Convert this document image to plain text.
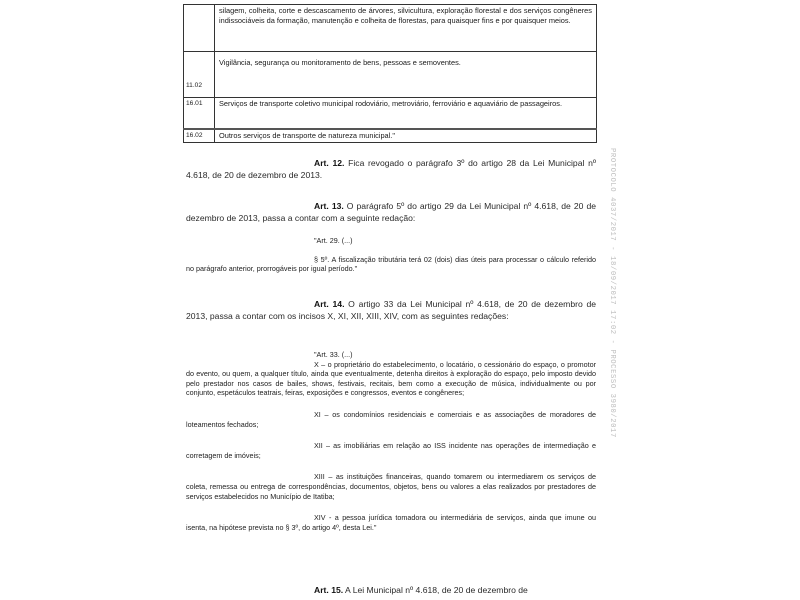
	silagem, colheita, corte e descascamento de árvores, silvicultura, exploração florestal e dos serviços congêneres indissociáveis da formação, manutenção e colheita de florestas, para quaisquer fins e por quaisquer meios.
11.02	Vigilância, segurança ou monitoramento de bens, pessoas e semoventes.
16.01	Serviços de transporte coletivo municipal rodoviário, metroviário, ferroviário e aquaviário de passageiros.
16.02	Outros serviços de transporte de natureza municipal."
Art. 12. Fica revogado o parágrafo 3º do artigo 28 da Lei Municipal nº 4.618, de 20 de dezembro de 2013.
Art. 13. O parágrafo 5º do artigo 29 da Lei Municipal nº 4.618, de 20 de dezembro de 2013, passa a contar com a seguinte redação:
"Art. 29. (...)
§ 5º. A fiscalização tributária terá 02 (dois) dias úteis para processar o cálculo referido no parágrafo anterior, prorrogáveis por igual período."
Art. 14. O artigo 33 da Lei Municipal nº 4.618, de 20 de dezembro de 2013, passa a contar com os incisos X, XI, XII, XIII, XIV, com as seguintes redações:
"Art. 33. (...)
X – o proprietário do estabelecimento, o locatário, o cessionário do espaço, o promotor do evento, ou quem, a qualquer título, ainda que eventualmente, detenha direitos à exploração do espaço, pelo imposto devido pelo prestador nos casos de bailes, shows, festivais, recitais, bem como a execução de música, individualmente ou por conjunto, espetáculos teatrais, feiras, exposições e congressos, eventos e congêneres;
XI – os condomínios residenciais e comerciais e as associações de moradores de loteamentos fechados;
XII – as imobiliárias em relação ao ISS incidente nas operações de intermediação e corretagem de imóveis;
XIII – as instituições financeiras, quando tomarem ou intermediarem os serviços de coleta, remessa ou entrega de correspondências, documentos, objetos, bens ou valores a elas realizados por prestadores de serviços estabelecidos no Município de Itatiba;
XIV - a pessoa jurídica tomadora ou intermediária de serviços, ainda que imune ou isenta, na hipótese prevista no § 3º, do artigo 4º, desta Lei."
Art. 15. A Lei Municipal nº 4.618, de 20 de dezembro de
PROTOCOLO 4037/2017 - 18/09/2017 17:02 - PROCESSO 3980/2017
